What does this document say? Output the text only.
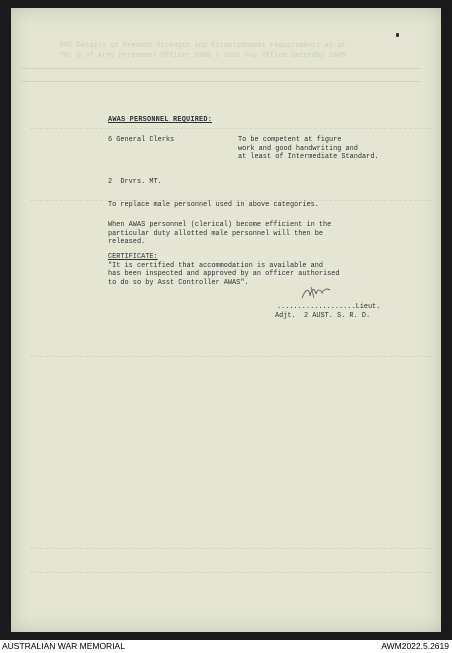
EPC Details of Present Strength and Establishment requirements as at
TO: G of Army Personnel Officer 5306 x 5101 Pay Office Saturday 1945
AWAS PERSONNEL REQUIRED:
6 General Clerks	To be competent at figure
work and good handwriting and
at least of Intermediate Standard.
2  Drvrs. MT.
To replace male personnel used in above categories.
When AWAS personnel (clerical) become efficient in the
particular duty allotted male personnel will then be
released.
CERTIFICATE:
"It is certified that accommodation is available and
has been inspected and approved by an officer authorised
to do so by Asst Controller AWAS".
...................Lieut.
Adjt.  2 AUST. S. R. D.
AUSTRALIAN WAR MEMORIAL	AWM2022.5.2619
